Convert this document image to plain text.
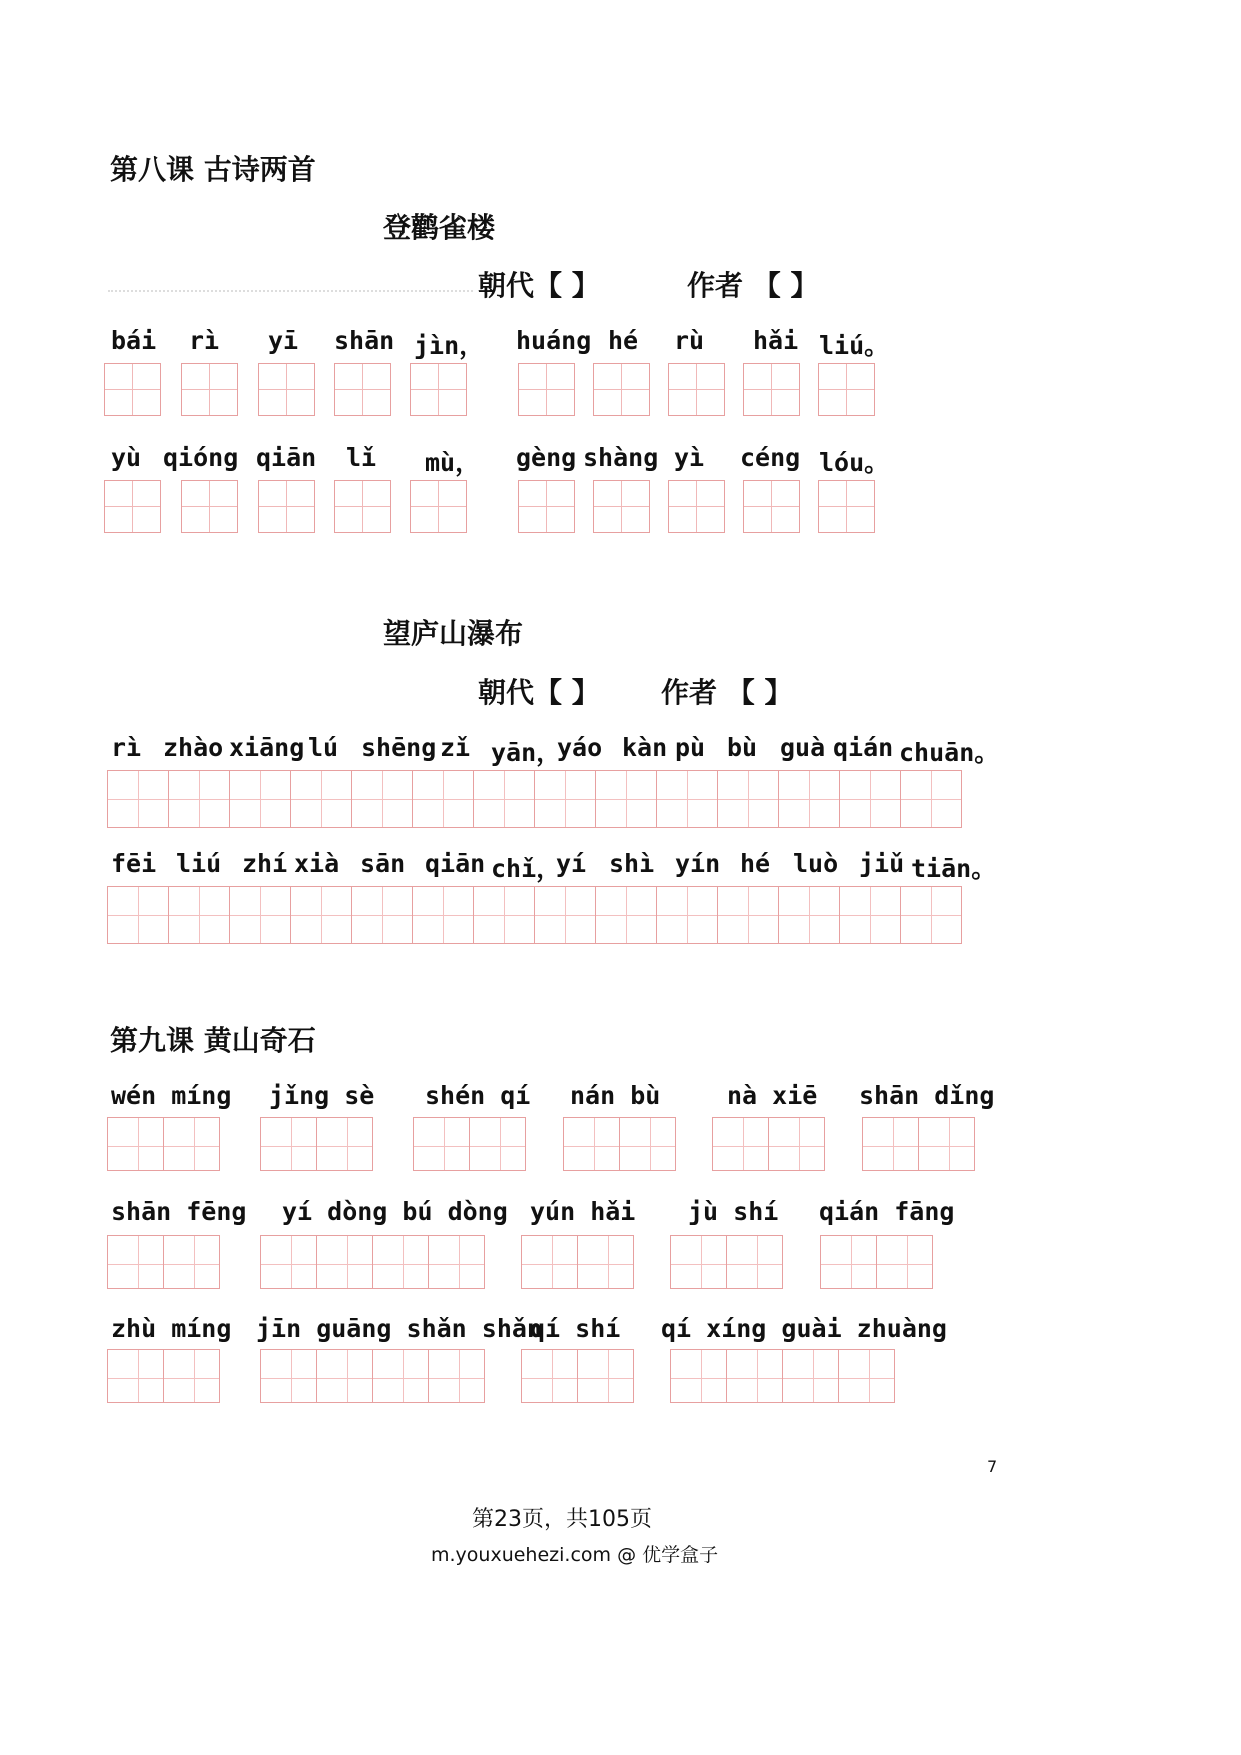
第八课 古诗两首
登鹳雀楼
朝代【 】	作者 【 】
bái rì yī shān jìn， huáng hé rù hǎi liú。
yù qióng qiān lǐ mù， gèng shàng yì céng lóu。
望庐山瀑布
朝代【 】 作者 【 】
rì zhào xiāng lú shēng zǐ yān，
yáo kàn pù bù guà qián chuān。
fēi liú zhí xià sān qiān chǐ，
yí shì yín hé luò jiǔ tiān。
第九课 黄山奇石
wén míng jǐng sè shén qí nán bù	nà xiē shān dǐng
shān fēng yí dòng bú dòng yún hǎi jù shí qián fāng
zhù míng jīn guāng shǎn shǎn
qí shí qí xíng guài zhuàng
7
第23页，共105页
m.youxuehezi.com @ 优学盒子
